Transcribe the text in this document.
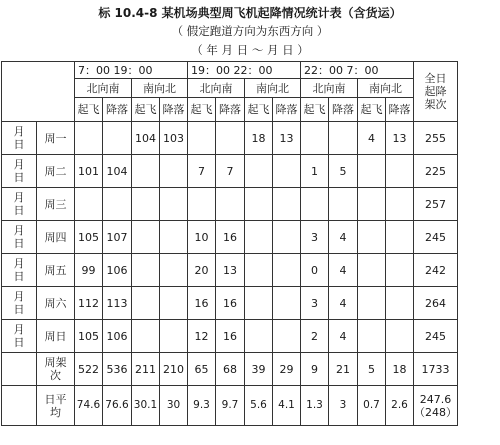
标 10.4-8 某机场典型周飞机起降情况统计表（含货运）
（ 假定跑道方向为东西方向 ）
（ 年 月 日 ～ 月 日 ）
		7：00 19：00				19：00 22：00				22：00 7：00				全日起降架次

		北向南		南向北		北向南		南向北		北向南		南向北		
		起飞	降落	起飞	降落	起飞	降落	起飞	降落	起飞	降落	起飞	降落	

月日	周一			104	103			18	13			4	13	255

月日	周二	101	104			7	7			1	5			225

月日	周三													257

月日	周四	105	107			10	16			3	4			245

月日	周五	99	106			20	13			0	4			242

月日	周六	112	113			16	16			3	4			264

月日	周日	105	106			12	16			2	4			245

	周架次	522	536	211	210	65	68	39	29	9	21	5	18	1733

	日平均	74.6	76.6	30.1	30	9.3	9.7	5.6	4.1	1.3	3	0.7	2.6	247.6
（248）
